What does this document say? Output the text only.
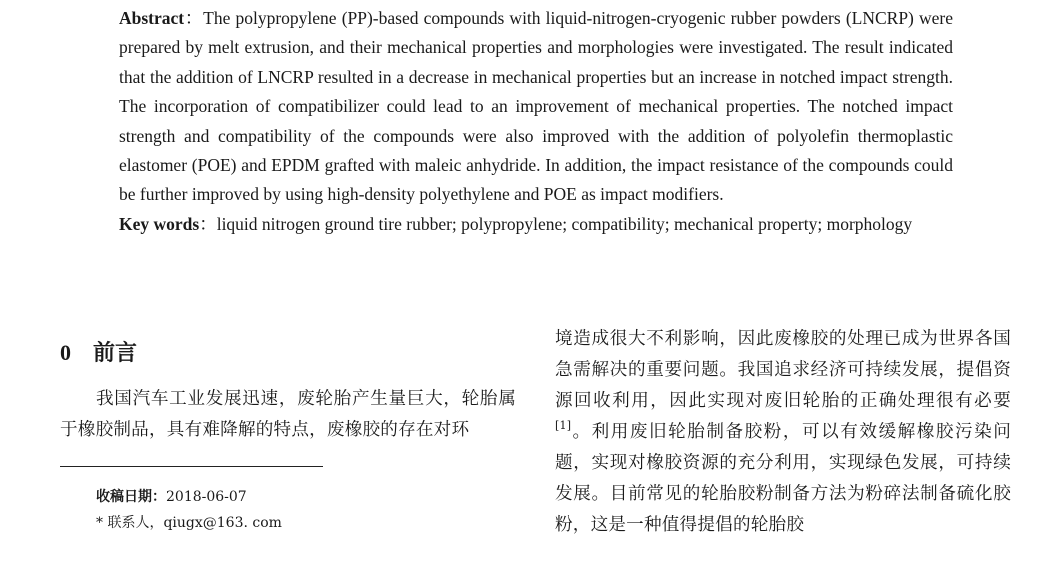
Abstract：The polypropylene (PP)-based compounds with liquid-nitrogen-cryogenic rubber powders (LNCRP) were prepared by melt extrusion, and their mechanical properties and morphologies were investigated. The result indicated that the addition of LNCRP resulted in a decrease in mechanical properties but an increase in notched impact strength. The incorporation of compatibilizer could lead to an improvement of mechanical properties. The notched impact strength and compatibility of the compounds were also improved with the addition of polyolefin thermoplastic elastomer (POE) and EPDM grafted with maleic anhydride. In addition, the impact resistance of the compounds could be further improved by using high-density polyethylene and POE as impact modifiers.

Key words：liquid nitrogen ground tire rubber; polypropylene; compatibility; mechanical property; morphology

0 前言

我国汽车工业发展迅速，废轮胎产生量巨大，轮胎属于橡胶制品，具有难降解的特点，废橡胶的存在对环

境造成很大不利影响，因此废橡胶的处理已成为世界各国急需解决的重要问题。我国追求经济可持续发展，提倡资源回收利用，因此实现对废旧轮胎的正确处理很有必要[1]。利用废旧轮胎制备胶粉，可以有效缓解橡胶污染问题，实现对橡胶资源的充分利用，实现绿色发展，可持续发展。目前常见的轮胎胶粉制备方法为粉碎法制备硫化胶粉，这是一种值得提倡的轮胎胶

收稿日期：2018-06-07
* 联系人，qiugx@163. com
